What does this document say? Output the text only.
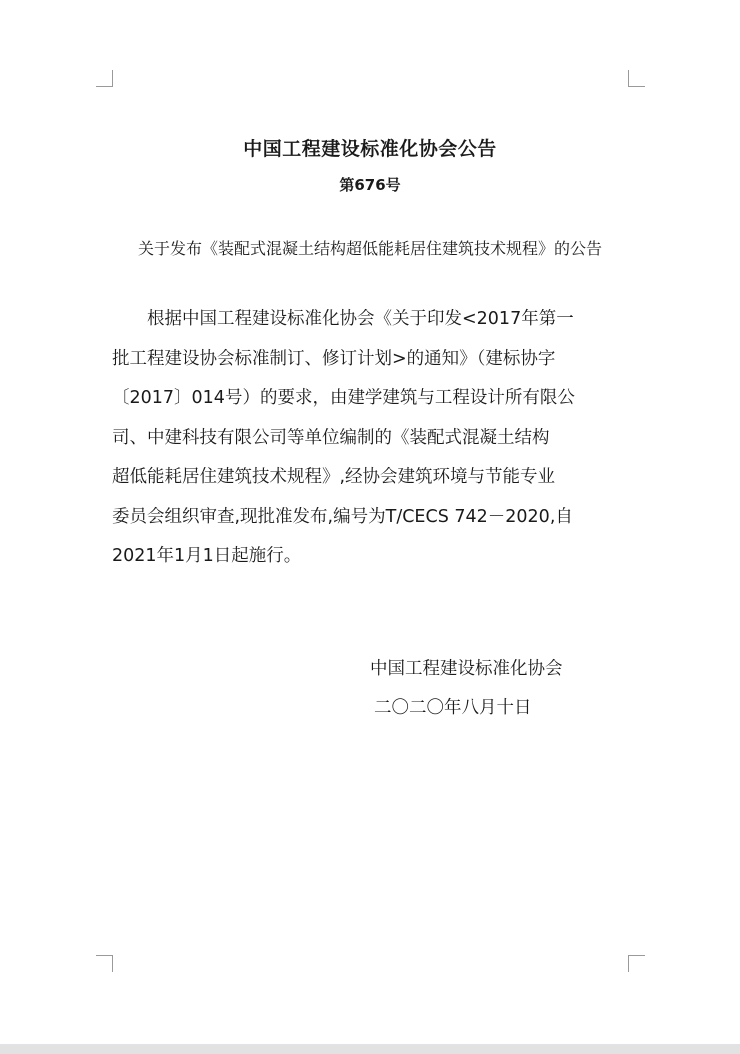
中国工程建设标准化协会公告
第676号
关于发布《装配式混凝土结构超低能耗居住建筑技术规程》的公告
根据中国工程建设标准化协会《关于印发<2017年第一
批工程建设协会标准制订、修订计划>的通知》（建标协字
〔2017〕014号）的要求，由建学建筑与工程设计所有限公
司、中建科技有限公司等单位编制的《装配式混凝土结构
超低能耗居住建筑技术规程》,经协会建筑环境与节能专业
委员会组织审查,现批准发布,编号为T/CECS 742－2020,自
2021年1月1日起施行。
中国工程建设标准化协会
二〇二〇年八月十日
